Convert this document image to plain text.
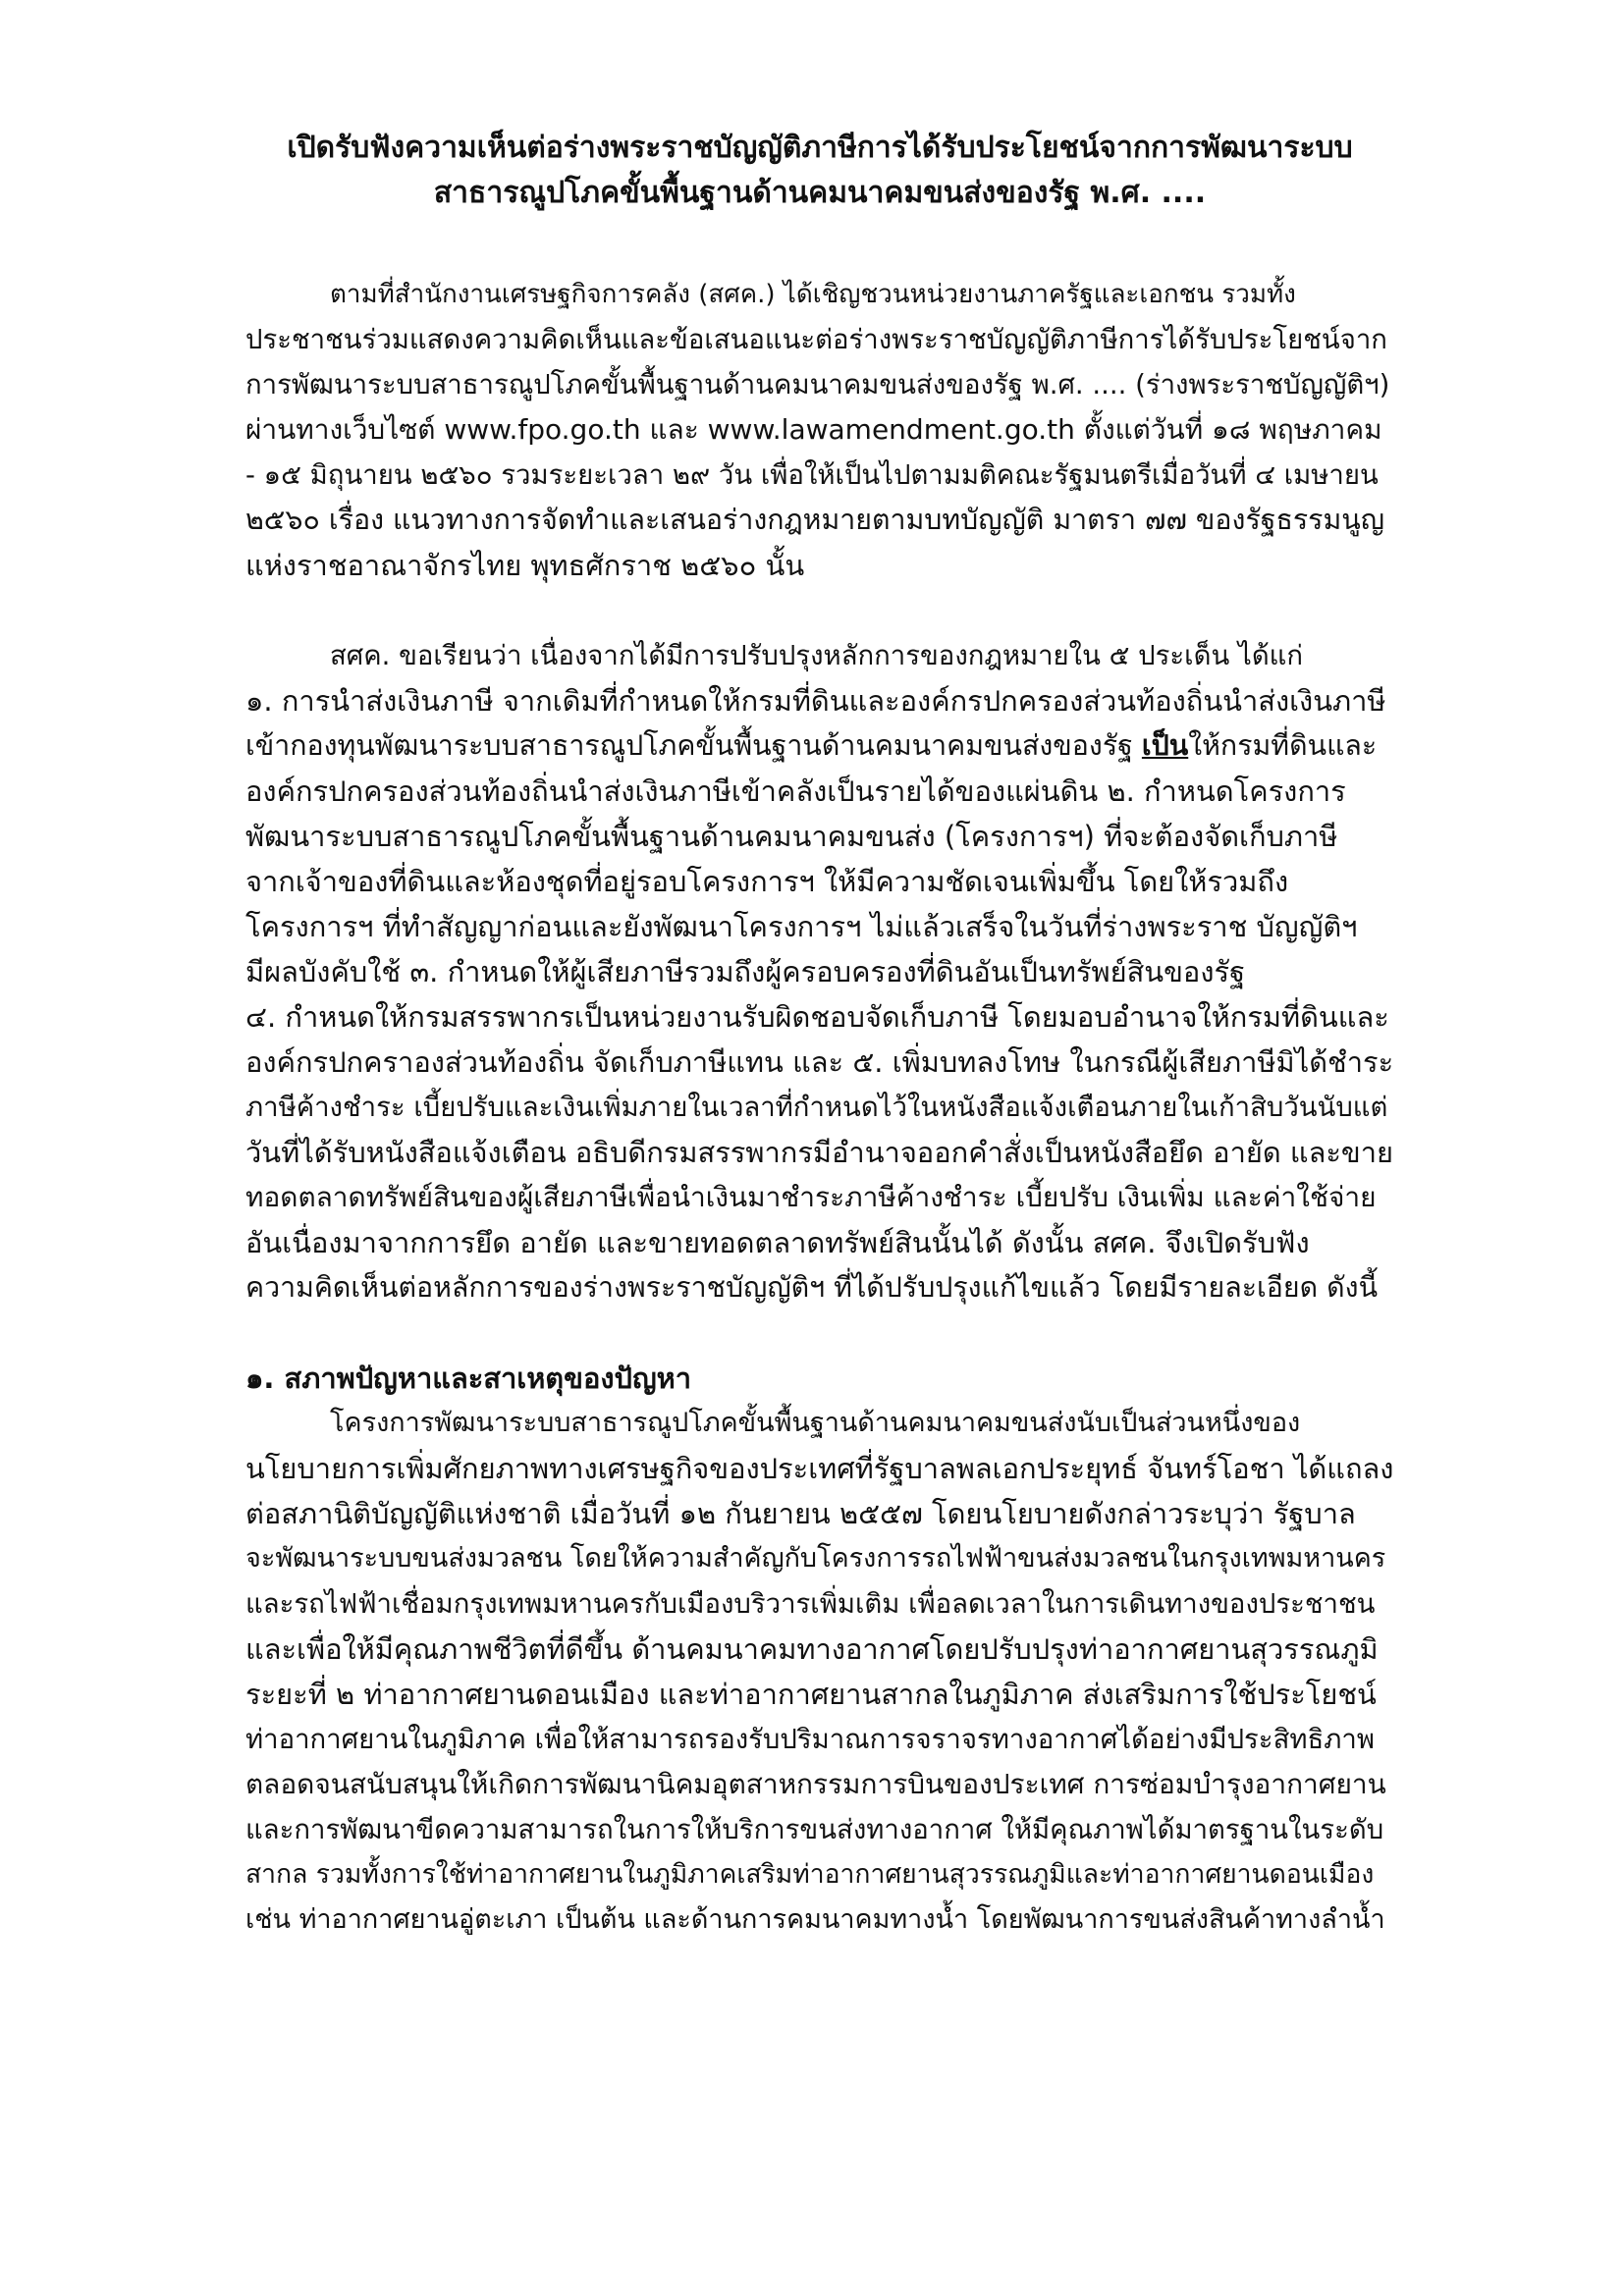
เปิดรับฟังความเห็นต่อร่างพระราชบัญญัติภาษีการได้รับประโยชน์จากการพัฒนาระบบ
สาธารณูปโภคขั้นพื้นฐานด้านคมนาคมขนส่งของรัฐ พ.ศ. ....

ตามที่สำนักงานเศรษฐกิจการคลัง (สศค.) ได้เชิญชวนหน่วยงานภาครัฐและเอกชน รวมทั้ง
ประชาชนร่วมแสดงความคิดเห็นและข้อเสนอแนะต่อร่างพระราชบัญญัติภาษีการได้รับประโยชน์จาก
การพัฒนาระบบสาธารณูปโภคขั้นพื้นฐานด้านคมนาคมขนส่งของรัฐ พ.ศ. .... (ร่างพระราชบัญญัติฯ)
ผ่านทางเว็บไซต์ www.fpo.go.th และ www.lawamendment.go.th ตั้งแต่วันที่ ๑๘ พฤษภาคม
- ๑๕ มิถุนายน ๒๕๖๐ รวมระยะเวลา ๒๙ วัน เพื่อให้เป็นไปตามมติคณะรัฐมนตรีเมื่อวันที่ ๔ เมษายน
๒๕๖๐ เรื่อง แนวทางการจัดทำและเสนอร่างกฎหมายตามบทบัญญัติ มาตรา ๗๗ ของรัฐธรรมนูญ
แห่งราชอาณาจักรไทย พุทธศักราช ๒๕๖๐ นั้น

สศค. ขอเรียนว่า เนื่องจากได้มีการปรับปรุงหลักการของกฎหมายใน ๕ ประเด็น ได้แก่
๑. การนำส่งเงินภาษี จากเดิมที่กำหนดให้กรมที่ดินและองค์กรปกครองส่วนท้องถิ่นนำส่งเงินภาษี
เข้ากองทุนพัฒนาระบบสาธารณูปโภคขั้นพื้นฐานด้านคมนาคมขนส่งของรัฐ เป็นให้กรมที่ดินและ
องค์กรปกครองส่วนท้องถิ่นนำส่งเงินภาษีเข้าคลังเป็นรายได้ของแผ่นดิน ๒. กำหนดโครงการ
พัฒนาระบบสาธารณูปโภคขั้นพื้นฐานด้านคมนาคมขนส่ง (โครงการฯ) ที่จะต้องจัดเก็บภาษี
จากเจ้าของที่ดินและห้องชุดที่อยู่รอบโครงการฯ ให้มีความชัดเจนเพิ่มขึ้น โดยให้รวมถึง
โครงการฯ ที่ทำสัญญาก่อนและยังพัฒนาโครงการฯ ไม่แล้วเสร็จในวันที่ร่างพระราช บัญญัติฯ
มีผลบังคับใช้ ๓. กำหนดให้ผู้เสียภาษีรวมถึงผู้ครอบครองที่ดินอันเป็นทรัพย์สินของรัฐ
๔. กำหนดให้กรมสรรพากรเป็นหน่วยงานรับผิดชอบจัดเก็บภาษี โดยมอบอำนาจให้กรมที่ดินและ
องค์กรปกคราองส่วนท้องถิ่น จัดเก็บภาษีแทน และ ๕. เพิ่มบทลงโทษ ในกรณีผู้เสียภาษีมิได้ชำระ
ภาษีค้างชำระ เบี้ยปรับและเงินเพิ่มภายในเวลาที่กำหนดไว้ในหนังสือแจ้งเตือนภายในเก้าสิบวันนับแต่
วันที่ได้รับหนังสือแจ้งเตือน อธิบดีกรมสรรพากรมีอำนาจออกคำสั่งเป็นหนังสือยึด อายัด และขาย
ทอดตลาดทรัพย์สินของผู้เสียภาษีเพื่อนำเงินมาชำระภาษีค้างชำระ เบี้ยปรับ เงินเพิ่ม และค่าใช้จ่าย
อันเนื่องมาจากการยึด อายัด และขายทอดตลาดทรัพย์สินนั้นได้ ดังนั้น สศค. จึงเปิดรับฟัง
ความคิดเห็นต่อหลักการของร่างพระราชบัญญัติฯ ที่ได้ปรับปรุงแก้ไขแล้ว โดยมีรายละเอียด ดังนี้

๑. สภาพปัญหาและสาเหตุของปัญหา

โครงการพัฒนาระบบสาธารณูปโภคขั้นพื้นฐานด้านคมนาคมขนส่งนับเป็นส่วนหนึ่งของ
นโยบายการเพิ่มศักยภาพทางเศรษฐกิจของประเทศที่รัฐบาลพลเอกประยุทธ์ จันทร์โอชา ได้แถลง
ต่อสภานิติบัญญัติแห่งชาติ เมื่อวันที่ ๑๒ กันยายน ๒๕๕๗ โดยนโยบายดังกล่าวระบุว่า รัฐบาล
จะพัฒนาระบบขนส่งมวลชน โดยให้ความสำคัญกับโครงการรถไฟฟ้าขนส่งมวลชนในกรุงเทพมหานคร
และรถไฟฟ้าเชื่อมกรุงเทพมหานครกับเมืองบริวารเพิ่มเติม เพื่อลดเวลาในการเดินทางของประชาชน
และเพื่อให้มีคุณภาพชีวิตที่ดีขึ้น ด้านคมนาคมทางอากาศโดยปรับปรุงท่าอากาศยานสุวรรณภูมิ
ระยะที่ ๒ ท่าอากาศยานดอนเมือง และท่าอากาศยานสากลในภูมิภาค ส่งเสริมการใช้ประโยชน์
ท่าอากาศยานในภูมิภาค เพื่อให้สามารถรองรับปริมาณการจราจรทางอากาศได้อย่างมีประสิทธิภาพ
ตลอดจนสนับสนุนให้เกิดการพัฒนานิคมอุตสาหกรรมการบินของประเทศ การซ่อมบำรุงอากาศยาน
และการพัฒนาขีดความสามารถในการให้บริการขนส่งทางอากาศ ให้มีคุณภาพได้มาตรฐานในระดับ
สากล รวมทั้งการใช้ท่าอากาศยานในภูมิภาคเสริมท่าอากาศยานสุวรรณภูมิและท่าอากาศยานดอนเมือง
เช่น ท่าอากาศยานอู่ตะเภา เป็นต้น และด้านการคมนาคมทางน้ำ โดยพัฒนาการขนส่งสินค้าทางลำน้ำ
